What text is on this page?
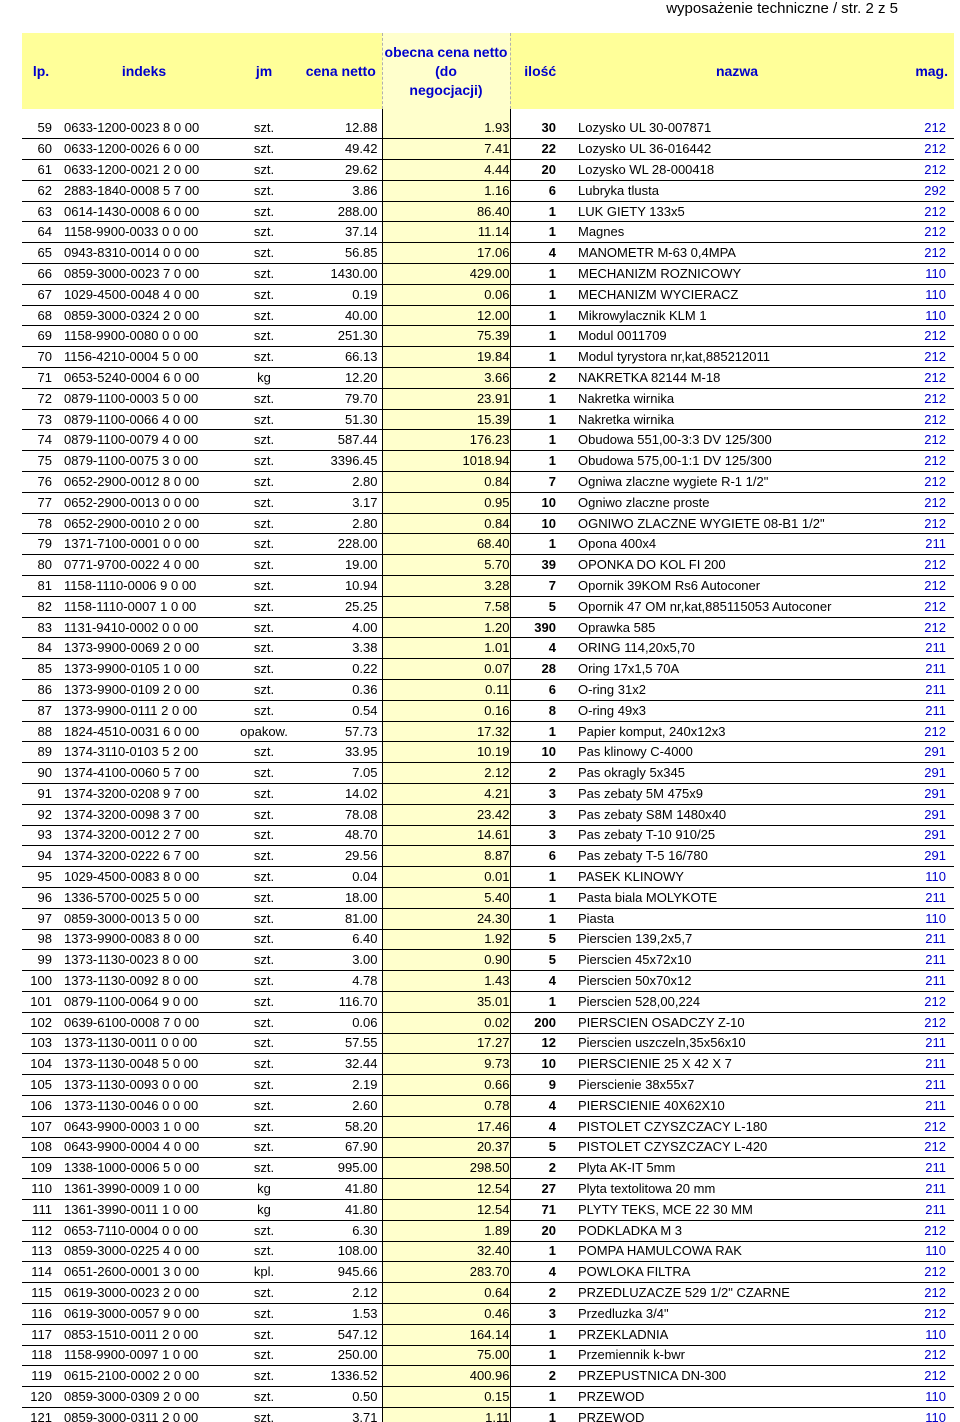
wyposażenie techniczne / str. 2 z 5
lp.	indeks	jm	cena netto	obecna cena netto
(do
negocjacji)	ilość	nazwa	mag.

59	0633-1200-0023 8 0 00	szt.	12.88	1.93	30	Lozysko UL 30-007871	212
60	0633-1200-0026 6 0 00	szt.	49.42	7.41	22	Lozysko UL 36-016442	212
61	0633-1200-0021 2 0 00	szt.	29.62	4.44	20	Lozysko WL 28-000418	212
62	2883-1840-0008 5 7 00	szt.	3.86	1.16	6	Lubryka tlusta	292
63	0614-1430-0008 6 0 00	szt.	288.00	86.40	1	LUK GIETY 133x5	212
64	1158-9900-0033 0 0 00	szt.	37.14	11.14	1	Magnes	212
65	0943-8310-0014 0 0 00	szt.	56.85	17.06	4	MANOMETR M-63 0,4MPA	212
66	0859-3000-0023 7 0 00	szt.	1430.00	429.00	1	MECHANIZM ROZNICOWY	110
67	1029-4500-0048 4 0 00	szt.	0.19	0.06	1	MECHANIZM WYCIERACZ	110
68	0859-3000-0324 2 0 00	szt.	40.00	12.00	1	Mikrowylacznik KLM 1	110
69	1158-9900-0080 0 0 00	szt.	251.30	75.39	1	Modul 0011709	212
70	1156-4210-0004 5 0 00	szt.	66.13	19.84	1	Modul tyrystora nr,kat,885212011	212
71	0653-5240-0004 6 0 00	kg	12.20	3.66	2	NAKRETKA 82144 M-18	212
72	0879-1100-0003 5 0 00	szt.	79.70	23.91	1	Nakretka wirnika	212
73	0879-1100-0066 4 0 00	szt.	51.30	15.39	1	Nakretka wirnika	212
74	0879-1100-0079 4 0 00	szt.	587.44	176.23	1	Obudowa 551,00-3:3 DV 125/300	212
75	0879-1100-0075 3 0 00	szt.	3396.45	1018.94	1	Obudowa 575,00-1:1 DV 125/300	212
76	0652-2900-0012 8 0 00	szt.	2.80	0.84	7	Ogniwa zlaczne wygiete R-1 1/2"	212
77	0652-2900-0013 0 0 00	szt.	3.17	0.95	10	Ogniwo zlaczne proste	212
78	0652-2900-0010 2 0 00	szt.	2.80	0.84	10	OGNIWO ZLACZNE WYGIETE 08-B1 1/2"	212
79	1371-7100-0001 0 0 00	szt.	228.00	68.40	1	Opona 400x4	211
80	0771-9700-0022 4 0 00	szt.	19.00	5.70	39	OPONKA DO KOL FI 200	212
81	1158-1110-0006 9 0 00	szt.	10.94	3.28	7	Opornik 39KOM Rs6 Autoconer	212
82	1158-1110-0007 1 0 00	szt.	25.25	7.58	5	Opornik 47 OM nr,kat,885115053 Autoconer	212
83	1131-9410-0002 0 0 00	szt.	4.00	1.20	390	Oprawka 585	212
84	1373-9900-0069 2 0 00	szt.	3.38	1.01	4	ORING 114,20x5,70	211
85	1373-9900-0105 1 0 00	szt.	0.22	0.07	28	Oring 17x1,5 70A	211
86	1373-9900-0109 2 0 00	szt.	0.36	0.11	6	O-ring 31x2	211
87	1373-9900-0111 2 0 00	szt.	0.54	0.16	8	O-ring 49x3	211
88	1824-4510-0031 6 0 00	opakow.	57.73	17.32	1	Papier komput, 240x12x3	212
89	1374-3110-0103 5 2 00	szt.	33.95	10.19	10	Pas klinowy C-4000	291
90	1374-4100-0060 5 7 00	szt.	7.05	2.12	2	Pas okragly 5x345	291
91	1374-3200-0208 9 7 00	szt.	14.02	4.21	3	Pas zebaty 5M 475x9	291
92	1374-3200-0098 3 7 00	szt.	78.08	23.42	3	Pas zebaty S8M 1480x40	291
93	1374-3200-0012 2 7 00	szt.	48.70	14.61	3	Pas zebaty T-10 910/25	291
94	1374-3200-0222 6 7 00	szt.	29.56	8.87	6	Pas zebaty T-5 16/780	291
95	1029-4500-0083 8 0 00	szt.	0.04	0.01	1	PASEK KLINOWY	110
96	1336-5700-0025 5 0 00	szt.	18.00	5.40	1	Pasta biala MOLYKOTE	211
97	0859-3000-0013 5 0 00	szt.	81.00	24.30	1	Piasta	110
98	1373-9900-0083 8 0 00	szt.	6.40	1.92	5	Pierscien 139,2x5,7	211
99	1373-1130-0023 8 0 00	szt.	3.00	0.90	5	Pierscien 45x72x10	211
100	1373-1130-0092 8 0 00	szt.	4.78	1.43	4	Pierscien 50x70x12	211
101	0879-1100-0064 9 0 00	szt.	116.70	35.01	1	Pierscien 528,00,224	212
102	0639-6100-0008 7 0 00	szt.	0.06	0.02	200	PIERSCIEN OSADCZY Z-10	212
103	1373-1130-0011 0 0 00	szt.	57.55	17.27	12	Pierscien uszczeln,35x56x10	211
104	1373-1130-0048 5 0 00	szt.	32.44	9.73	10	PIERSCIENIE 25 X 42 X 7	211
105	1373-1130-0093 0 0 00	szt.	2.19	0.66	9	Pierscienie 38x55x7	211
106	1373-1130-0046 0 0 00	szt.	2.60	0.78	4	PIERSCIENIE 40X62X10	211
107	0643-9900-0003 1 0 00	szt.	58.20	17.46	4	PISTOLET CZYSZCZACY L-180	212
108	0643-9900-0004 4 0 00	szt.	67.90	20.37	5	PISTOLET CZYSZCZACY L-420	212
109	1338-1000-0006 5 0 00	szt.	995.00	298.50	2	Plyta AK-IT 5mm	211
110	1361-3990-0009 1 0 00	kg	41.80	12.54	27	Plyta textolitowa 20 mm	211
111	1361-3990-0011 1 0 00	kg	41.80	12.54	71	PLYTY TEKS, MCE 22 30 MM	211
112	0653-7110-0004 0 0 00	szt.	6.30	1.89	20	PODKLADKA M 3	212
113	0859-3000-0225 4 0 00	szt.	108.00	32.40	1	POMPA HAMULCOWA RAK	110
114	0651-2600-0001 3 0 00	kpl.	945.66	283.70	4	POWLOKA FILTRA	212
115	0619-3000-0023 2 0 00	szt.	2.12	0.64	2	PRZEDLUZACZE 529 1/2" CZARNE	212
116	0619-3000-0057 9 0 00	szt.	1.53	0.46	3	Przedluzka 3/4"	212
117	0853-1510-0011 2 0 00	szt.	547.12	164.14	1	PRZEKLADNIA	110
118	1158-9900-0097 1 0 00	szt.	250.00	75.00	1	Przemiennik k-bwr	212
119	0615-2100-0002 2 0 00	szt.	1336.52	400.96	2	PRZEPUSTNICA DN-300	212
120	0859-3000-0309 2 0 00	szt.	0.50	0.15	1	PRZEWOD	110
121	0859-3000-0311 2 0 00	szt.	3.71	1.11	1	PRZEWOD	110
